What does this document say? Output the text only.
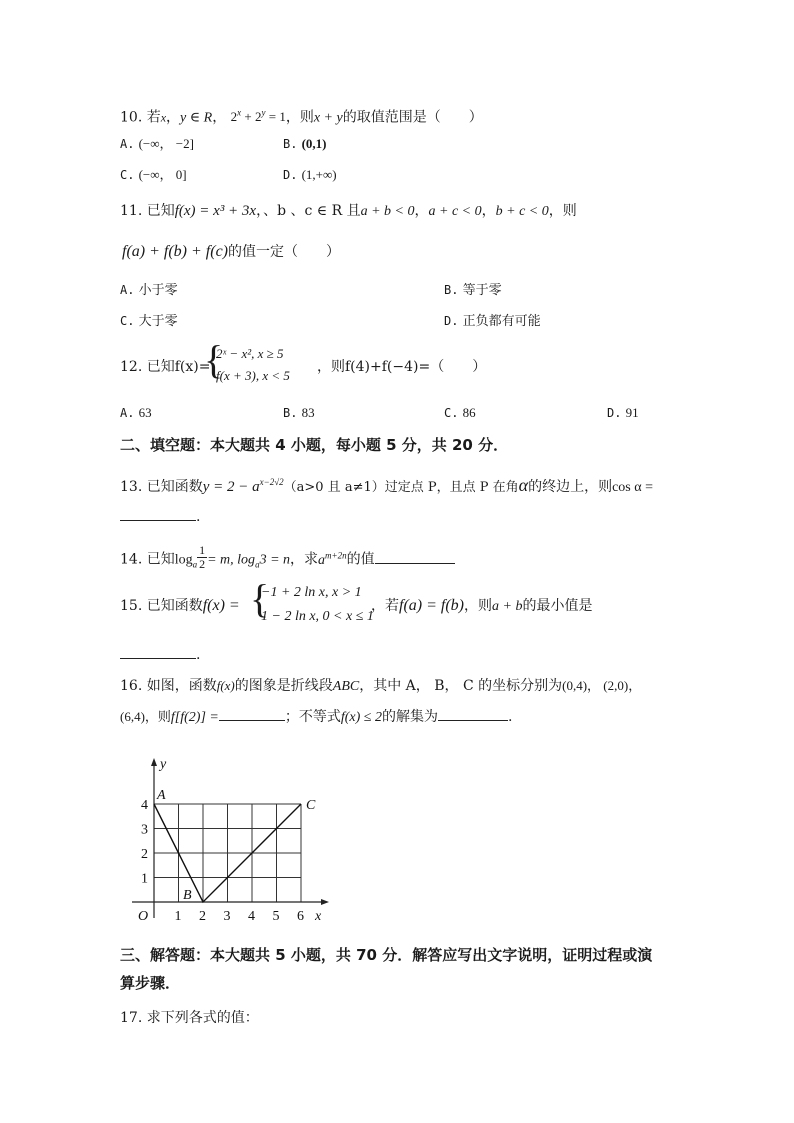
10. 若x，y ∈ R， $2^x + 2^y = 1$，则x + y的取值范围是（　　）
A. (−∞， −2]	B. (0,1)
C. (−∞， 0]	D. (1,+∞)
11. 已知f(x) = x³ + 3x，、b 、c ∈ R 且a + b < 0，a + c < 0，b + c < 0，则
f(a) + f(b) + f(c)的值一定（　　）
A. 小于零	B. 等于零
C. 大于零	D. 正负都有可能
12. 已知f(x)=
{
2ˣ − x², x ≥ 5
f(x + 3), x < 5
，则f(4)+f(−4)=（　　）
A. 63	B. 83	C. 86	D. 91
二、填空题：本大题共 4 小题，每小题 5 分，共 20 分．
13. 已知函数$y = 2 - a^{x-2√2}(a>0$ 且 a≠1）过定点 P，且点 P 在角α的终边上，则cos α =
.
14. 已知$\log_a \frac{1}{2} = m$, $\log_a3 = n$，求$a^{m+2n}$的值
15. 已知函数f(x) = {
−1 + 2 ln x, x > 1
1 − 2 ln x, 0 < x ≤ 1
，若f(a) = f(b)，则a + b的最小值是
.
16. 如图，函数f(x)的图象是折线段ABC，其中 A， B， C 的坐标分别为(0,4)， (2,0)，
(6,4)，则f[f(2)] =	；不等式f(x) ≤ 2的解集为	.
1 2 3 4 5 6
1
2
3
4
O	x
y
A
B
C
三、解答题：本大题共 5 小题，共 70 分．解答应写出文字说明，证明过程或演
算步骤．
17. 求下列各式的值：
